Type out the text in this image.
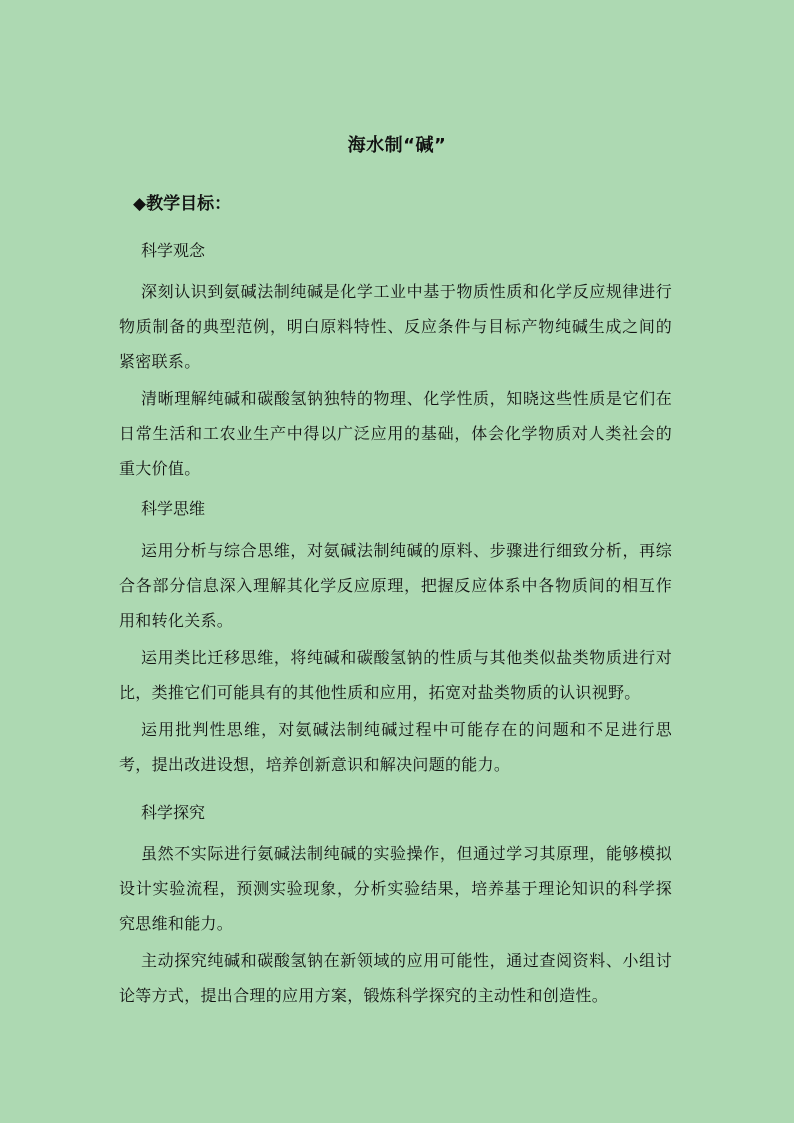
海水制“碱”
◆教学目标：
科学观念

深刻认识到氨碱法制纯碱是化学工业中基于物质性质和化学反应规律进行物质制备的典型范例，明白原料特性、反应条件与目标产物纯碱生成之间的紧密联系。

清晰理解纯碱和碳酸氢钠独特的物理、化学性质，知晓这些性质是它们在日常生活和工农业生产中得以广泛应用的基础，体会化学物质对人类社会的重大价值。

科学思维

运用分析与综合思维，对氨碱法制纯碱的原料、步骤进行细致分析，再综合各部分信息深入理解其化学反应原理，把握反应体系中各物质间的相互作用和转化关系。

运用类比迁移思维，将纯碱和碳酸氢钠的性质与其他类似盐类物质进行对比，类推它们可能具有的其他性质和应用，拓宽对盐类物质的认识视野。

运用批判性思维，对氨碱法制纯碱过程中可能存在的问题和不足进行思考，提出改进设想，培养创新意识和解决问题的能力。

科学探究

虽然不实际进行氨碱法制纯碱的实验操作，但通过学习其原理，能够模拟设计实验流程，预测实验现象，分析实验结果，培养基于理论知识的科学探究思维和能力。

主动探究纯碱和碳酸氢钠在新领域的应用可能性，通过查阅资料、小组讨论等方式，提出合理的应用方案，锻炼科学探究的主动性和创造性。
